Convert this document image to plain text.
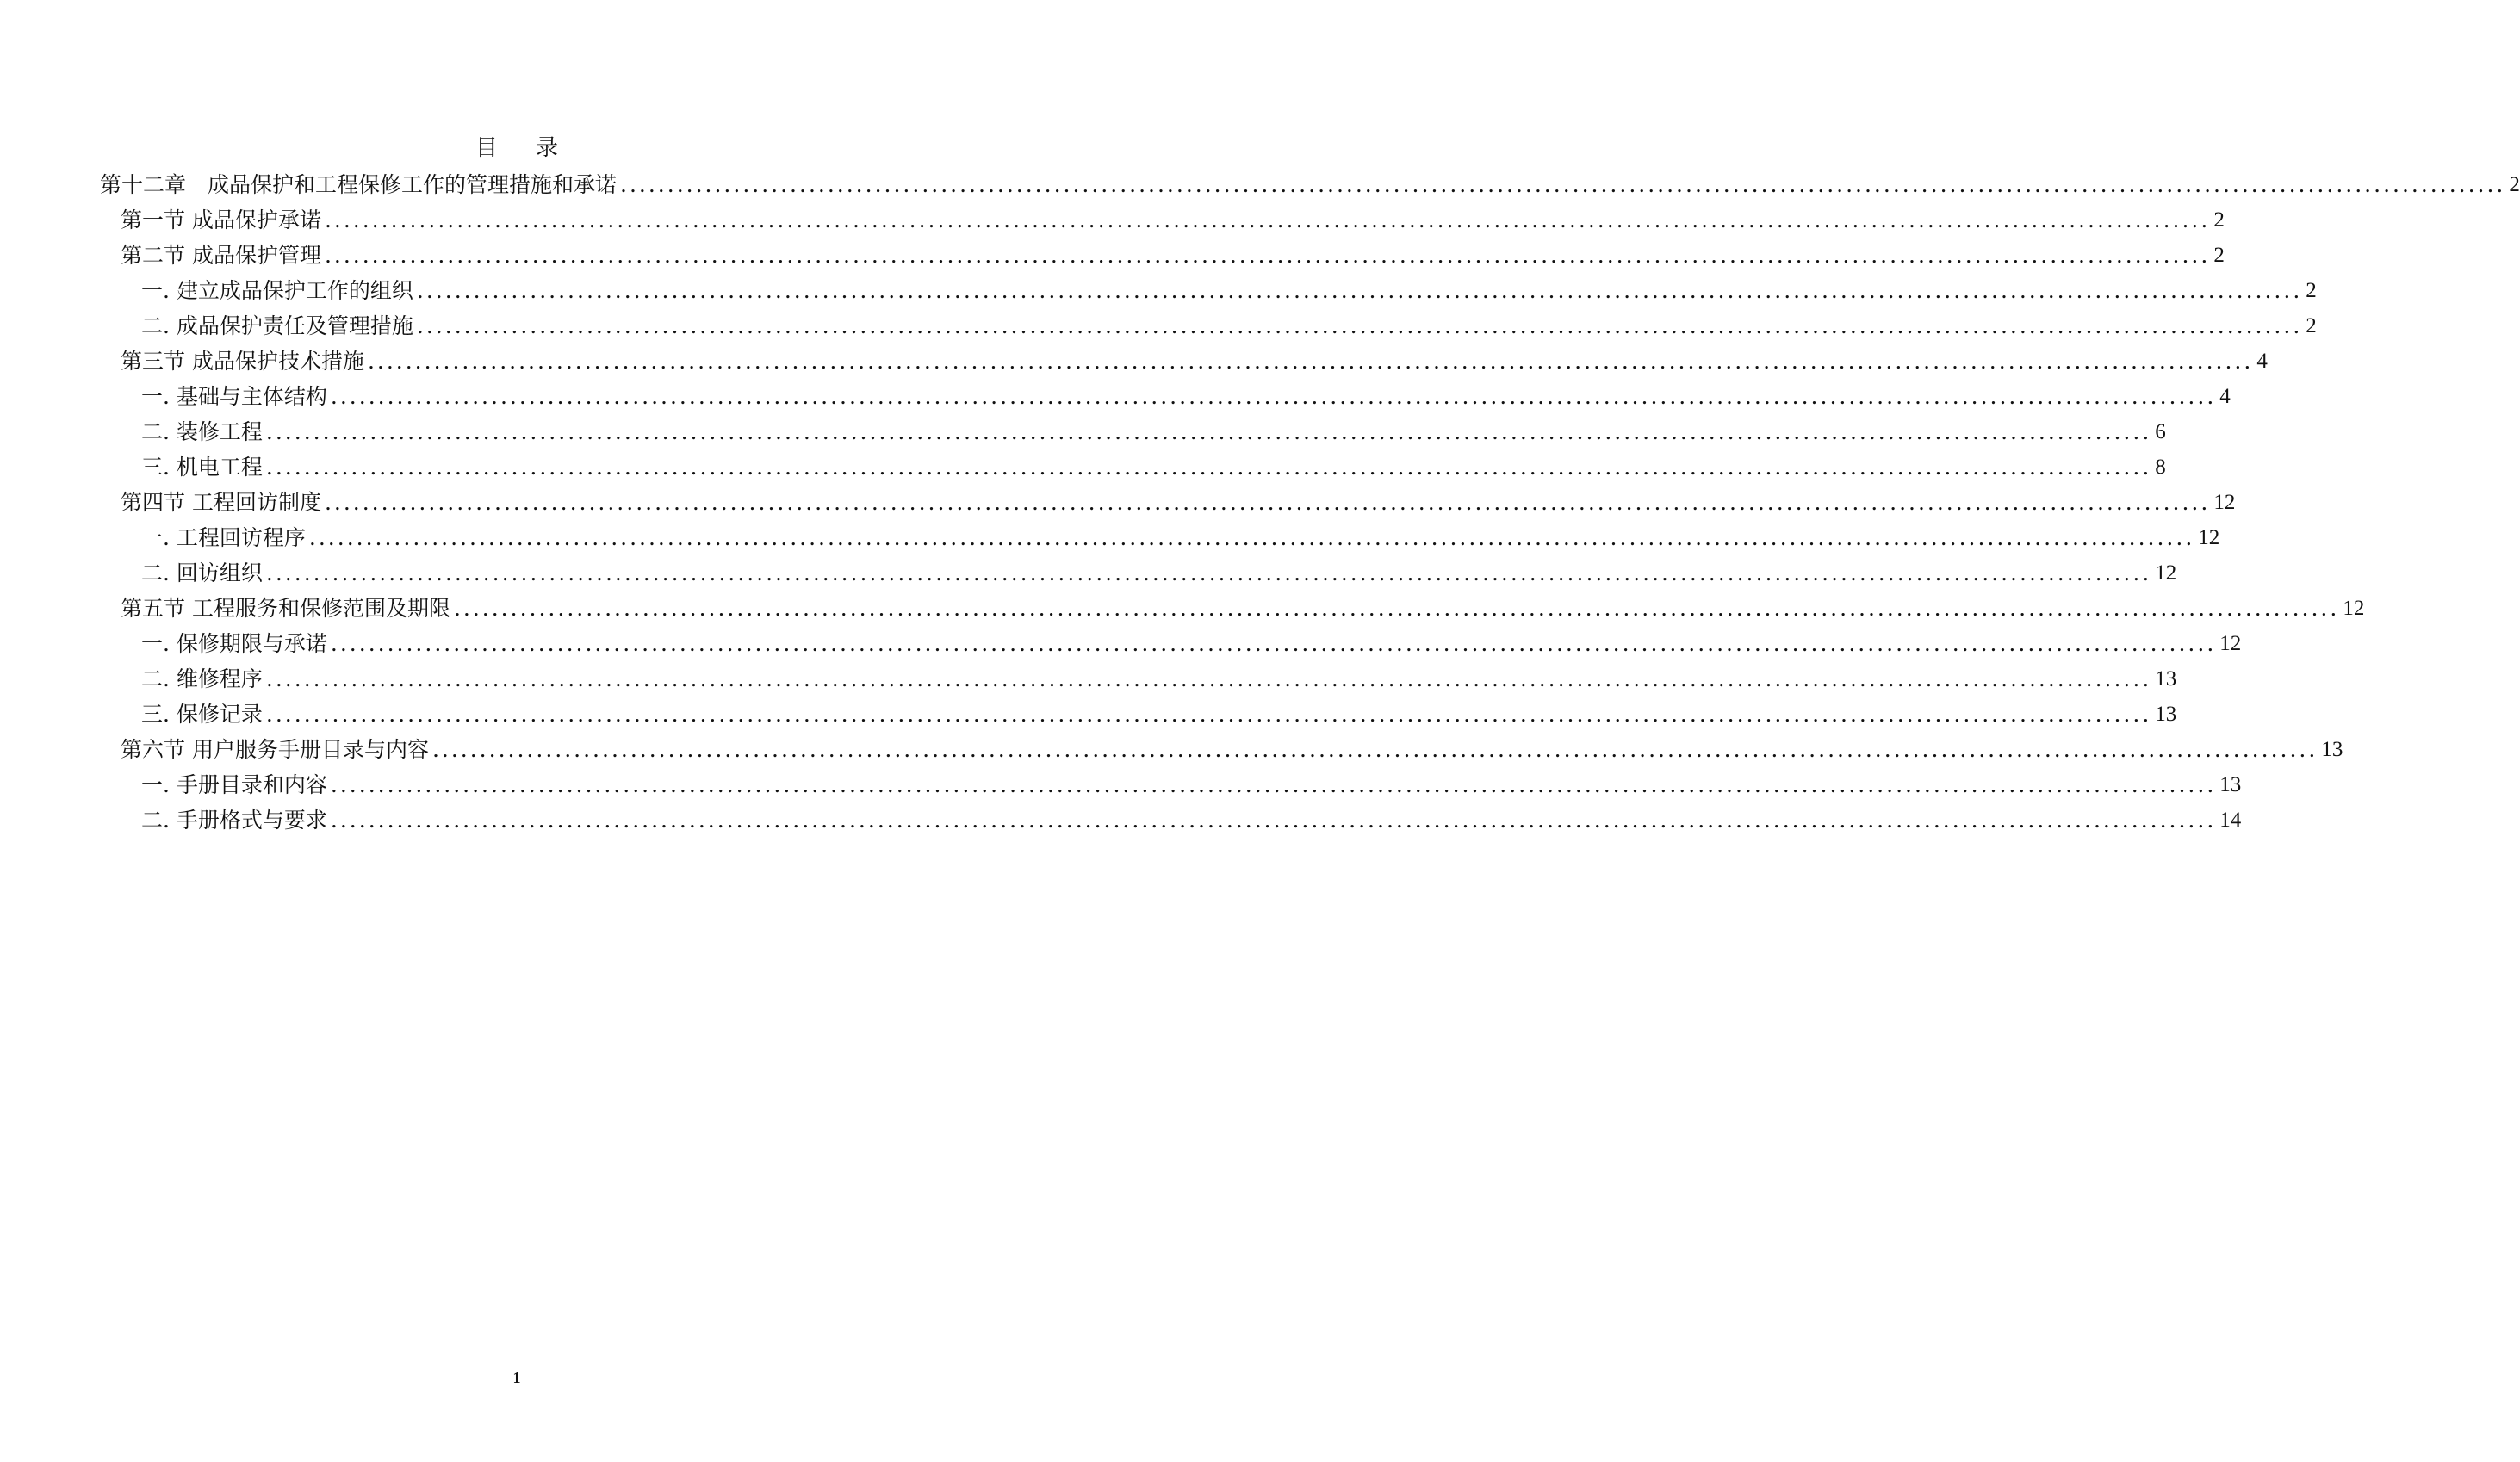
目 录
第十二章　成品保护和工程保修工作的管理措施和承诺 ........................................................................................................................................................................................................ 2
第一节 成品保护承诺 ........................................................................................................................................................................................................ 2
第二节 成品保护管理 ........................................................................................................................................................................................................ 2
一. 建立成品保护工作的组织 ........................................................................................................................................................................................................ 2
二. 成品保护责任及管理措施 ........................................................................................................................................................................................................ 2
第三节 成品保护技术措施 ........................................................................................................................................................................................................ 4
一. 基础与主体结构 ........................................................................................................................................................................................................ 4
二. 装修工程 ........................................................................................................................................................................................................ 6
三. 机电工程 ........................................................................................................................................................................................................ 8
第四节 工程回访制度 ........................................................................................................................................................................................................ 12
一. 工程回访程序 ........................................................................................................................................................................................................ 12
二. 回访组织 ........................................................................................................................................................................................................ 12
第五节 工程服务和保修范围及期限 ........................................................................................................................................................................................................ 12
一. 保修期限与承诺 ........................................................................................................................................................................................................ 12
二. 维修程序 ........................................................................................................................................................................................................ 13
三. 保修记录 ........................................................................................................................................................................................................ 13
第六节 用户服务手册目录与内容 ........................................................................................................................................................................................................ 13
一. 手册目录和内容 ........................................................................................................................................................................................................ 13
二. 手册格式与要求 ........................................................................................................................................................................................................ 14
1
